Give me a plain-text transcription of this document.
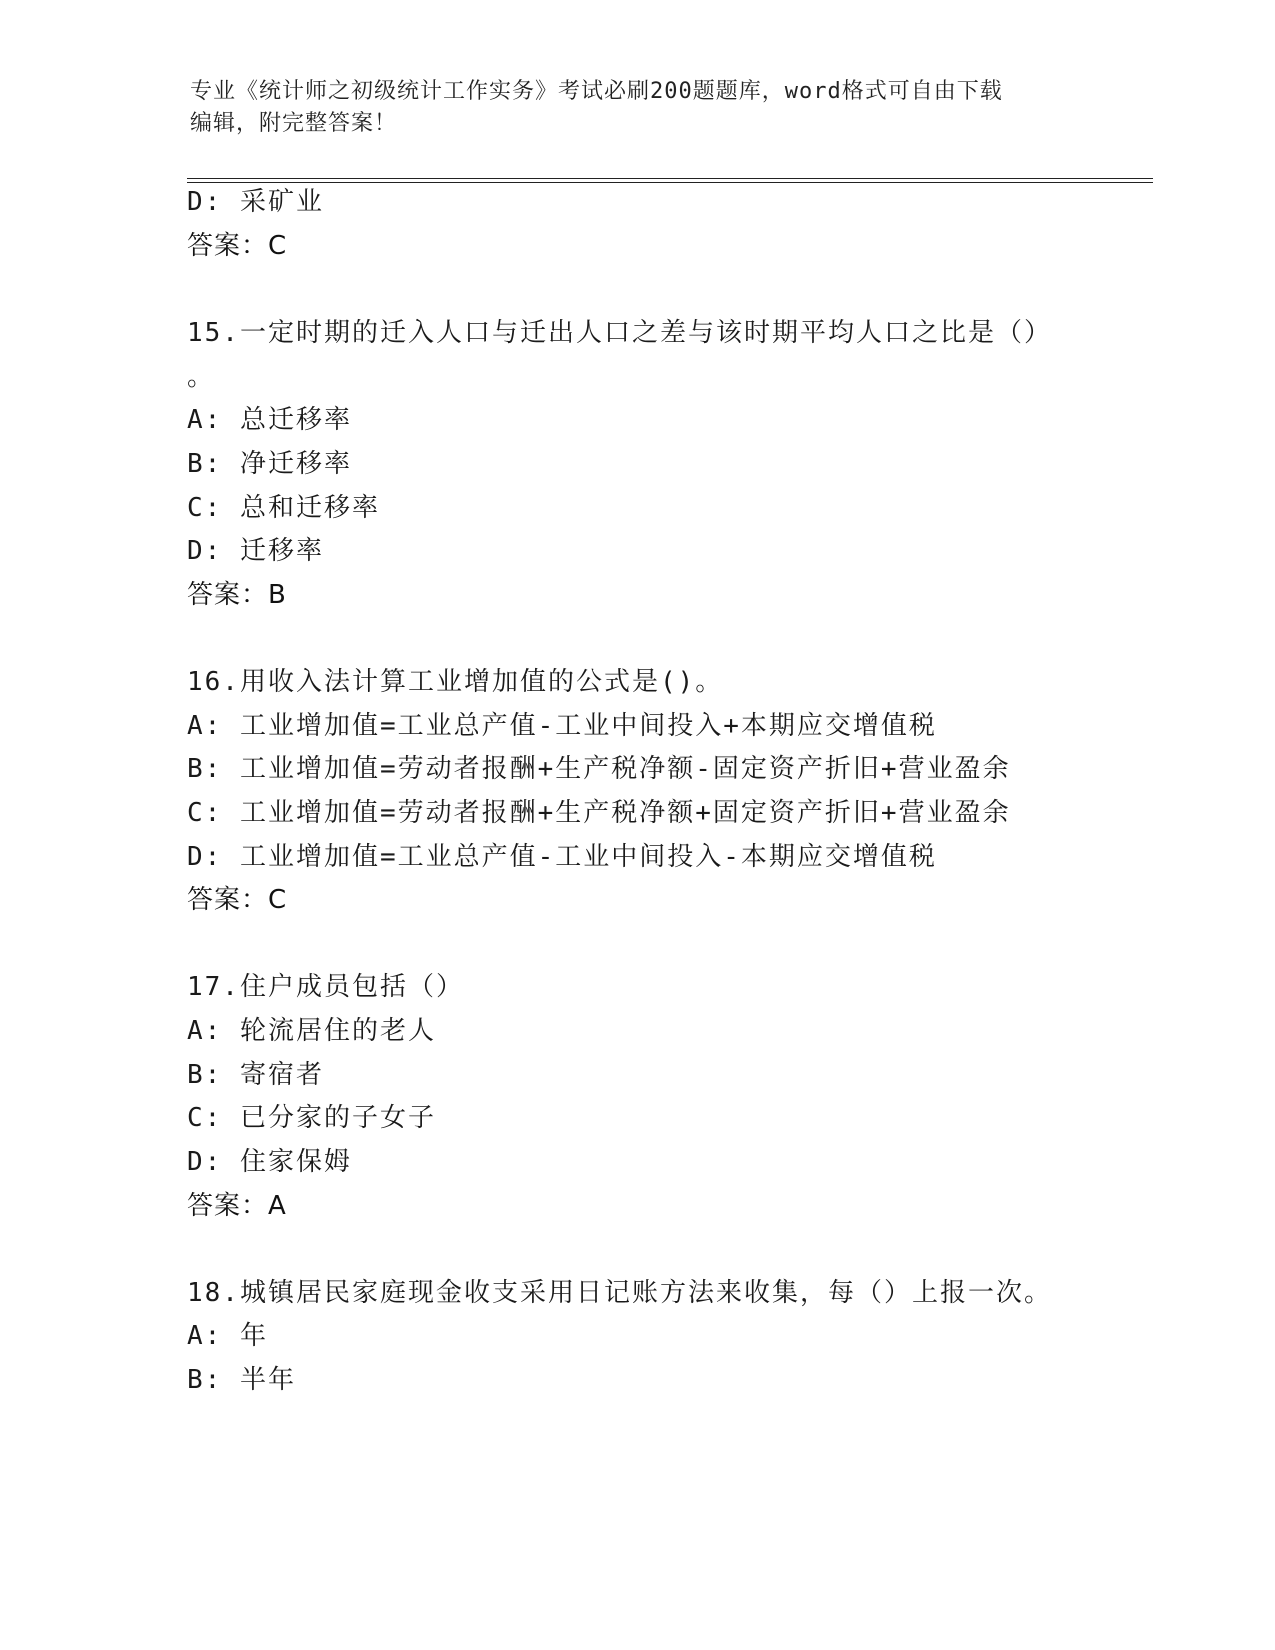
专业《统计师之初级统计工作实务》考试必刷200题题库，word格式可自由下载
编辑，附完整答案！
D: 采矿业
答案：C
15.一定时期的迁入人口与迁出人口之差与该时期平均人口之比是（）
。
A: 总迁移率
B: 净迁移率
C: 总和迁移率
D: 迁移率
答案：B
16.用收入法计算工业增加值的公式是()。
A: 工业增加值=工业总产值-工业中间投入+本期应交增值税
B: 工业增加值=劳动者报酬+生产税净额-固定资产折旧+营业盈余
C: 工业增加值=劳动者报酬+生产税净额+固定资产折旧+营业盈余
D: 工业增加值=工业总产值-工业中间投入-本期应交增值税
答案：C
17.住户成员包括（）
A: 轮流居住的老人
B: 寄宿者
C: 已分家的子女子
D: 住家保姆
答案：A
18.城镇居民家庭现金收支采用日记账方法来收集，每（）上报一次。
A: 年
B: 半年
